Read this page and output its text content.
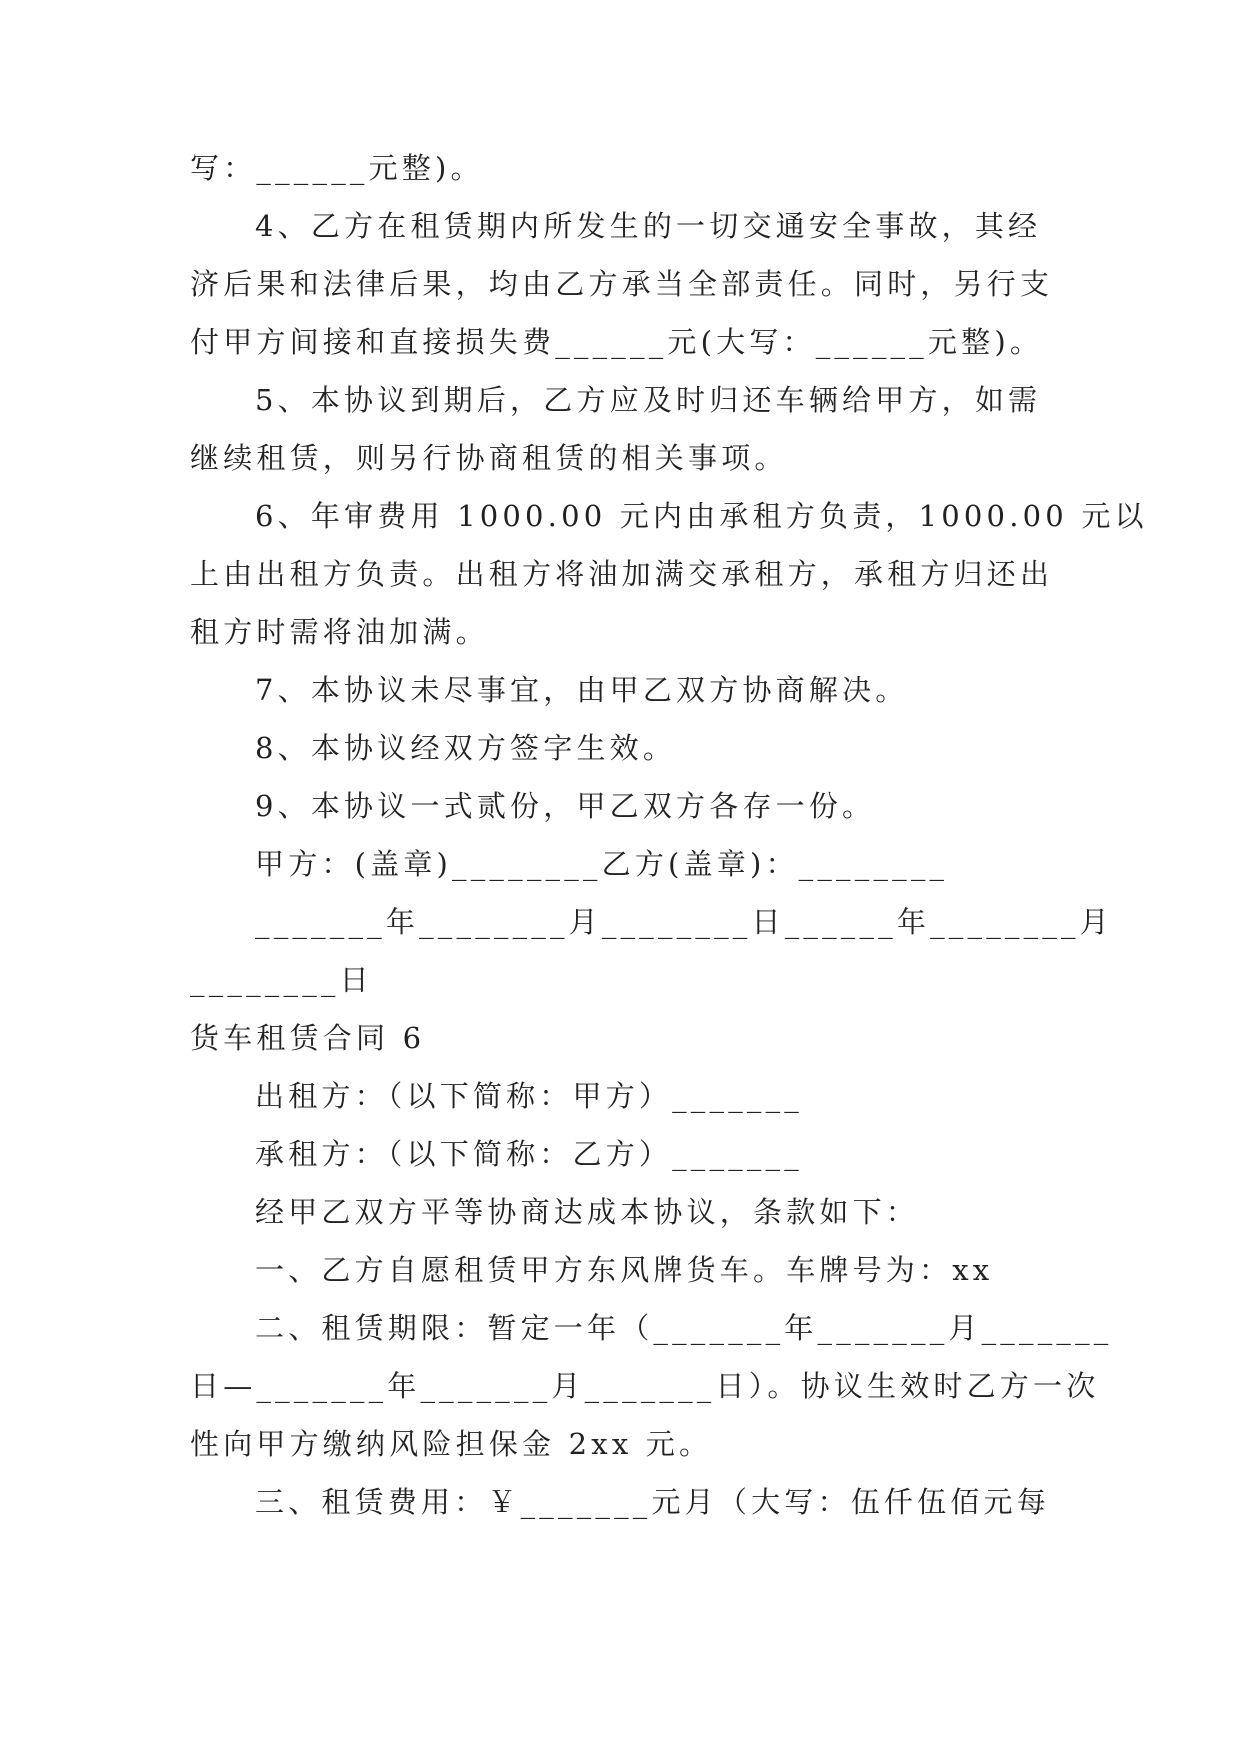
写：______元整)。
4、乙方在租赁期内所发生的一切交通安全事故，其经
济后果和法律后果，均由乙方承当全部责任。同时，另行支
付甲方间接和直接损失费______元(大写：______元整)。
5、本协议到期后，乙方应及时归还车辆给甲方，如需
继续租赁，则另行协商租赁的相关事项。
6、年审费用 1000.00 元内由承租方负责，1000.00 元以
上由出租方负责。出租方将油加满交承租方，承租方归还出
租方时需将油加满。
7、本协议未尽事宜，由甲乙双方协商解决。
8、本协议经双方签字生效。
9、本协议一式贰份，甲乙双方各存一份。
甲方：(盖章)________乙方(盖章)：________
_______年________月________日______年________月
________日
货车租赁合同 6
出租方：（以下简称：甲方）_______
承租方：（以下简称：乙方）_______
经甲乙双方平等协商达成本协议，条款如下：
一、乙方自愿租赁甲方东风牌货车。车牌号为：xx
二、租赁期限：暂定一年（_______年_______月_______
日—_______年_______月_______日）。协议生效时乙方一次
性向甲方缴纳风险担保金 2xx 元。
三、租赁费用：￥_______元月（大写：伍仟伍佰元每
